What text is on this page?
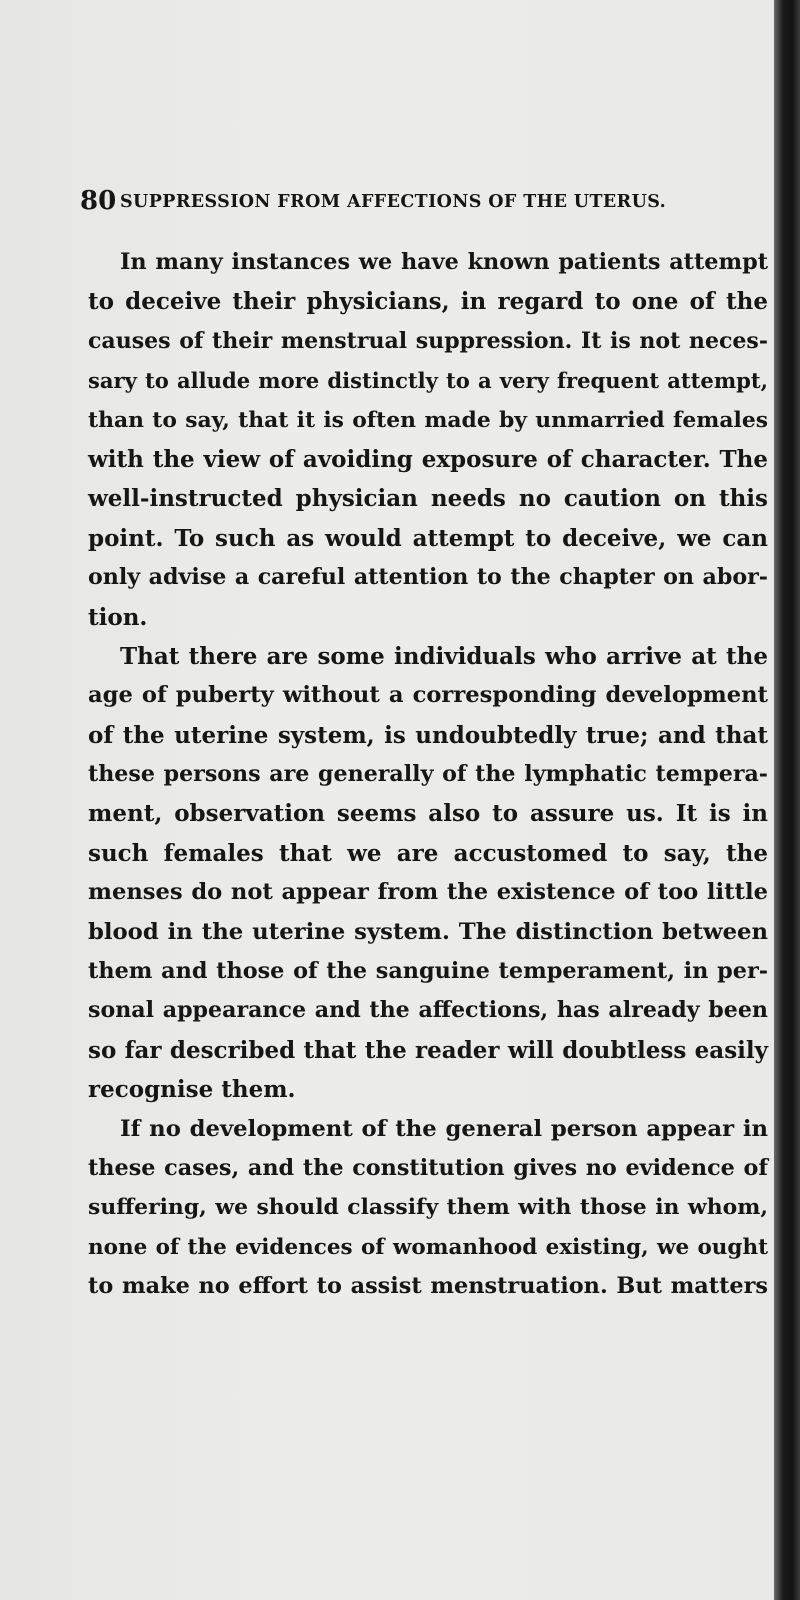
80 SUPPRESSION FROM AFFECTIONS OF THE UTERUS.
In many instances we have known patients attempt
to deceive their physicians, in regard to one of the
causes of their menstrual suppression. It is not neces-
sary to allude more distinctly to a very frequent attempt,
than to say, that it is often made by unmarried females
with the view of avoiding exposure of character. The
well-instructed physician needs no caution on this
point. To such as would attempt to deceive, we can
only advise a careful attention to the chapter on abor-
tion.
That there are some individuals who arrive at the
age of puberty without a corresponding development
of the uterine system, is undoubtedly true; and that
these persons are generally of the lymphatic tempera-
ment, observation seems also to assure us. It is in
such females that we are accustomed to say, the
menses do not appear from the existence of too little
blood in the uterine system. The distinction between
them and those of the sanguine temperament, in per-
sonal appearance and the affections, has already been
so far described that the reader will doubtless easily
recognise them.
If no development of the general person appear in
these cases, and the constitution gives no evidence of
suffering, we should classify them with those in whom,
none of the evidences of womanhood existing, we ought
to make no effort to assist menstruation. But matters
